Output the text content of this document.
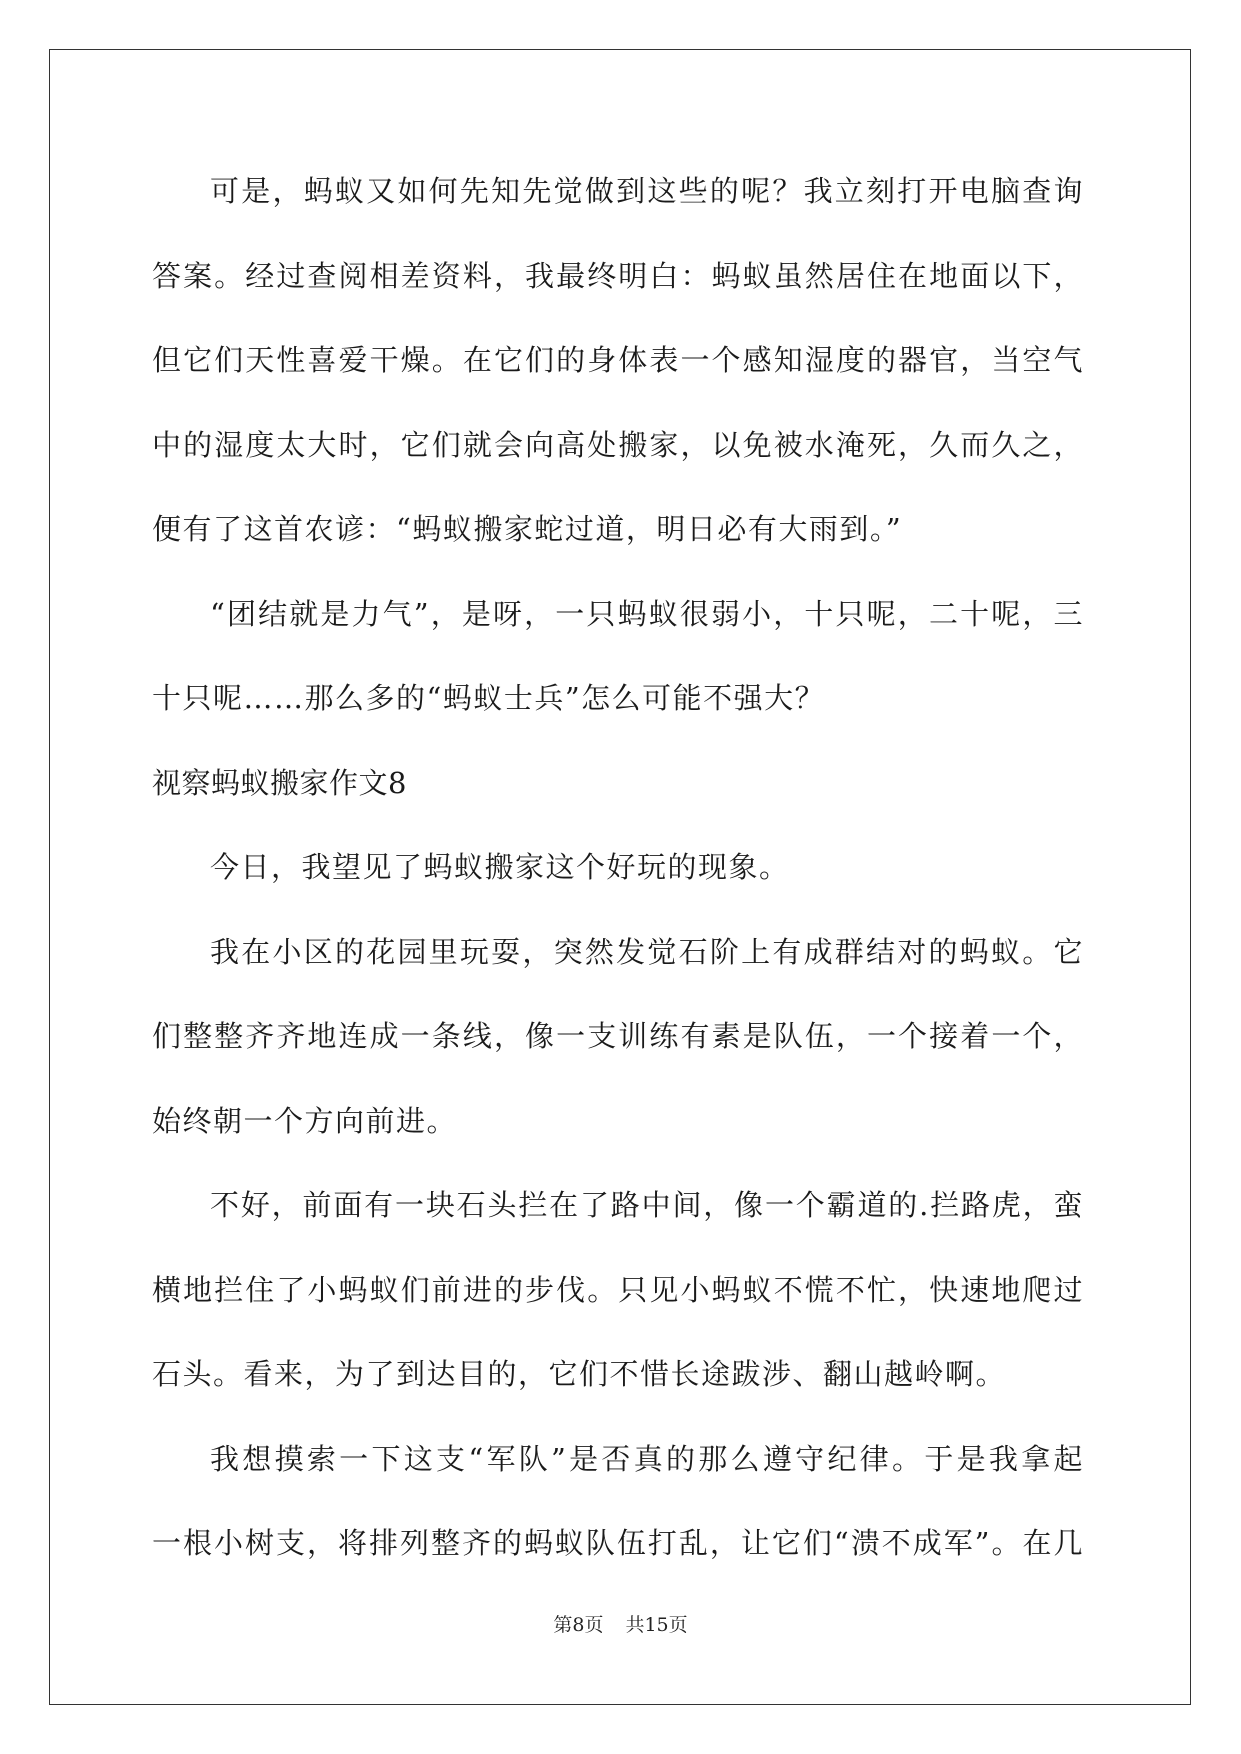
可是，蚂蚁又如何先知先觉做到这些的呢？我立刻打开电脑查询
答案。经过查阅相差资料，我最终明白：蚂蚁虽然居住在地面以下，
但它们天性喜爱干燥。在它们的身体表一个感知湿度的器官，当空气
中的湿度太大时，它们就会向高处搬家，以免被水淹死，久而久之，
便有了这首农谚：“蚂蚁搬家蛇过道，明日必有大雨到。”
“团结就是力气”，是呀，一只蚂蚁很弱小，十只呢，二十呢，三
十只呢……那么多的“蚂蚁士兵”怎么可能不强大？
视察蚂蚁搬家作文8
今日，我望见了蚂蚁搬家这个好玩的现象。
我在小区的花园里玩耍，突然发觉石阶上有成群结对的蚂蚁。它
们整整齐齐地连成一条线，像一支训练有素是队伍，一个接着一个，
始终朝一个方向前进。
不好，前面有一块石头拦在了路中间，像一个霸道的.拦路虎，蛮
横地拦住了小蚂蚁们前进的步伐。只见小蚂蚁不慌不忙，快速地爬过
石头。看来，为了到达目的，它们不惜长途跋涉、翻山越岭啊。
我想摸索一下这支“军队”是否真的那么遵守纪律。于是我拿起
一根小树支，将排列整齐的蚂蚁队伍打乱，让它们“溃不成军”。在几
第8页 共15页
